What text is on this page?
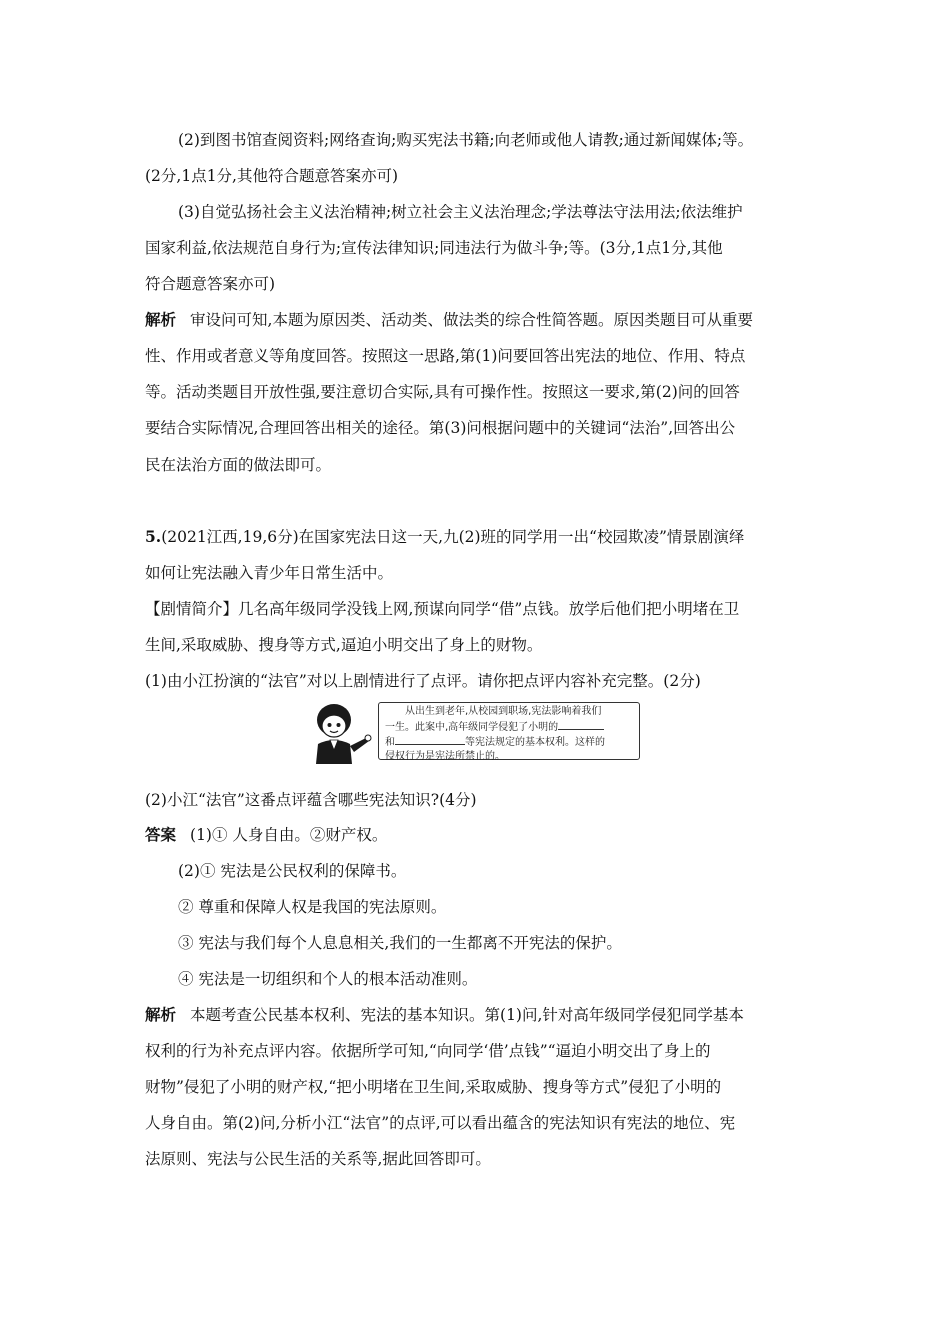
(2)到图书馆查阅资料;网络查询;购买宪法书籍;向老师或他人请教;通过新闻媒体;等。
(2分,1点1分,其他符合题意答案亦可)
(3)自觉弘扬社会主义法治精神;树立社会主义法治理念;学法尊法守法用法;依法维护
国家利益,依法规范自身行为;宣传法律知识;同违法行为做斗争;等。(3分,1点1分,其他
符合题意答案亦可)
解析 审设问可知,本题为原因类、活动类、做法类的综合性简答题。原因类题目可从重要
性、作用或者意义等角度回答。按照这一思路,第(1)问要回答出宪法的地位、作用、特点
等。活动类题目开放性强,要注意切合实际,具有可操作性。按照这一要求,第(2)问的回答
要结合实际情况,合理回答出相关的途径。第(3)问根据问题中的关键词“法治”,回答出公
民在法治方面的做法即可。
5.(2021江西,19,6分)在国家宪法日这一天,九(2)班的同学用一出“校园欺凌”情景剧演绎
如何让宪法融入青少年日常生活中。
【剧情简介】几名高年级同学没钱上网,预谋向同学“借”点钱。放学后他们把小明堵在卫
生间,采取威胁、搜身等方式,逼迫小明交出了身上的财物。
(1)由小江扮演的“法官”对以上剧情进行了点评。请你把点评内容补充完整。(2分)
从出生到老年,从校园到职场,宪法影响着我们
一生。此案中,高年级同学侵犯了小明的
和	等宪法规定的基本权利。这样的
侵权行为是宪法所禁止的。
(2)小江“法官”这番点评蕴含哪些宪法知识?(4分)
答案 (1)① 人身自由。②财产权。
(2)① 宪法是公民权利的保障书。
② 尊重和保障人权是我国的宪法原则。
③ 宪法与我们每个人息息相关,我们的一生都离不开宪法的保护。
④ 宪法是一切组织和个人的根本活动准则。
解析 本题考查公民基本权利、宪法的基本知识。第(1)问,针对高年级同学侵犯同学基本
权利的行为补充点评内容。依据所学可知,“向同学‘借’点钱”“逼迫小明交出了身上的
财物”侵犯了小明的财产权,“把小明堵在卫生间,采取威胁、搜身等方式”侵犯了小明的
人身自由。第(2)问,分析小江“法官”的点评,可以看出蕴含的宪法知识有宪法的地位、宪
法原则、宪法与公民生活的关系等,据此回答即可。
